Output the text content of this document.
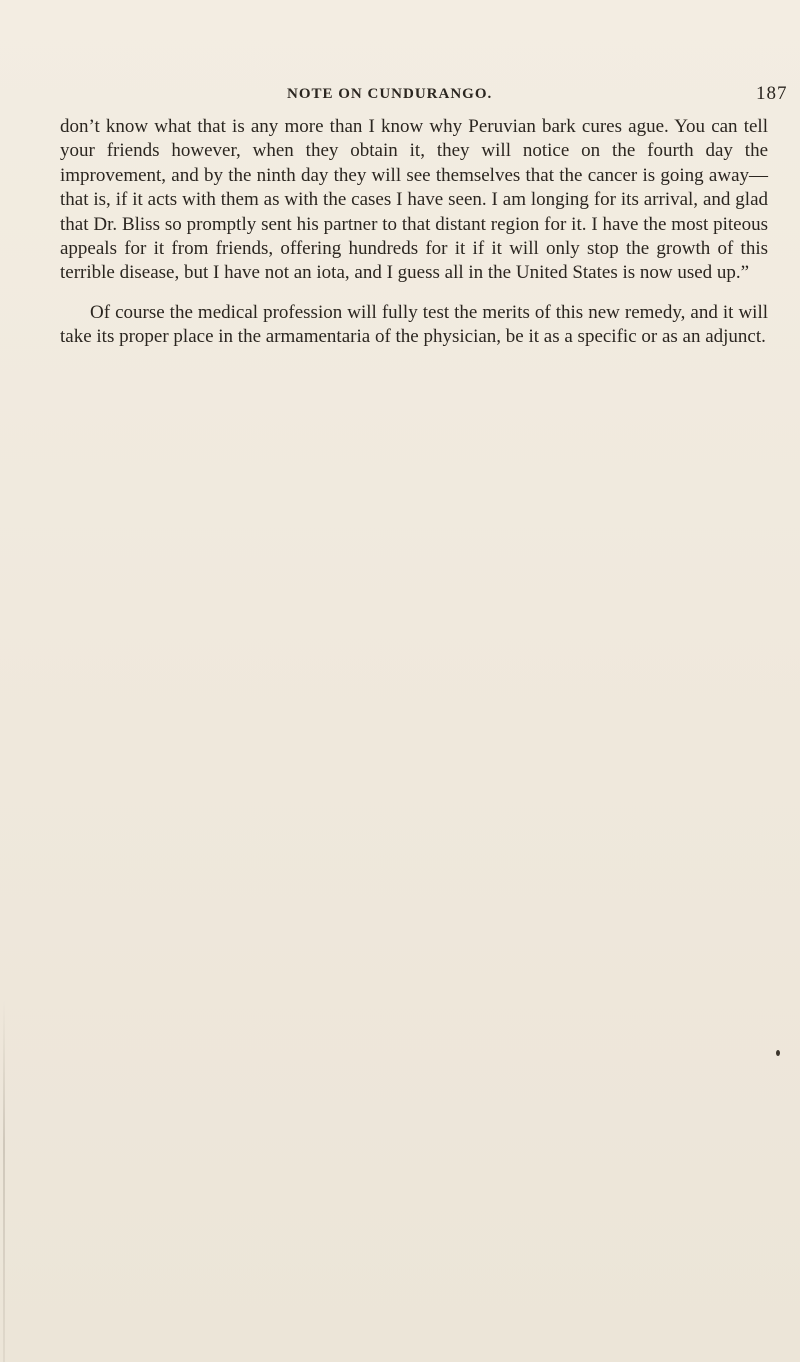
NOTE ON CUNDURANGO.	187

don’t know what that is any more than I know why Peruvian bark cures ague. You can tell your friends however, when they obtain it, they will notice on the fourth day the improvement, and by the ninth day they will see themselves that the cancer is going away—that is, if it acts with them as with the cases I have seen. I am longing for its arrival, and glad that Dr. Bliss so promptly sent his partner to that distant region for it. I have the most piteous appeals for it from friends, offering hundreds for it if it will only stop the growth of this terrible disease, but I have not an iota, and I guess all in the United States is now used up.”

Of course the medical profession will fully test the merits of this new remedy, and it will take its proper place in the armamentaria of the physician, be it as a specific or as an adjunct.
